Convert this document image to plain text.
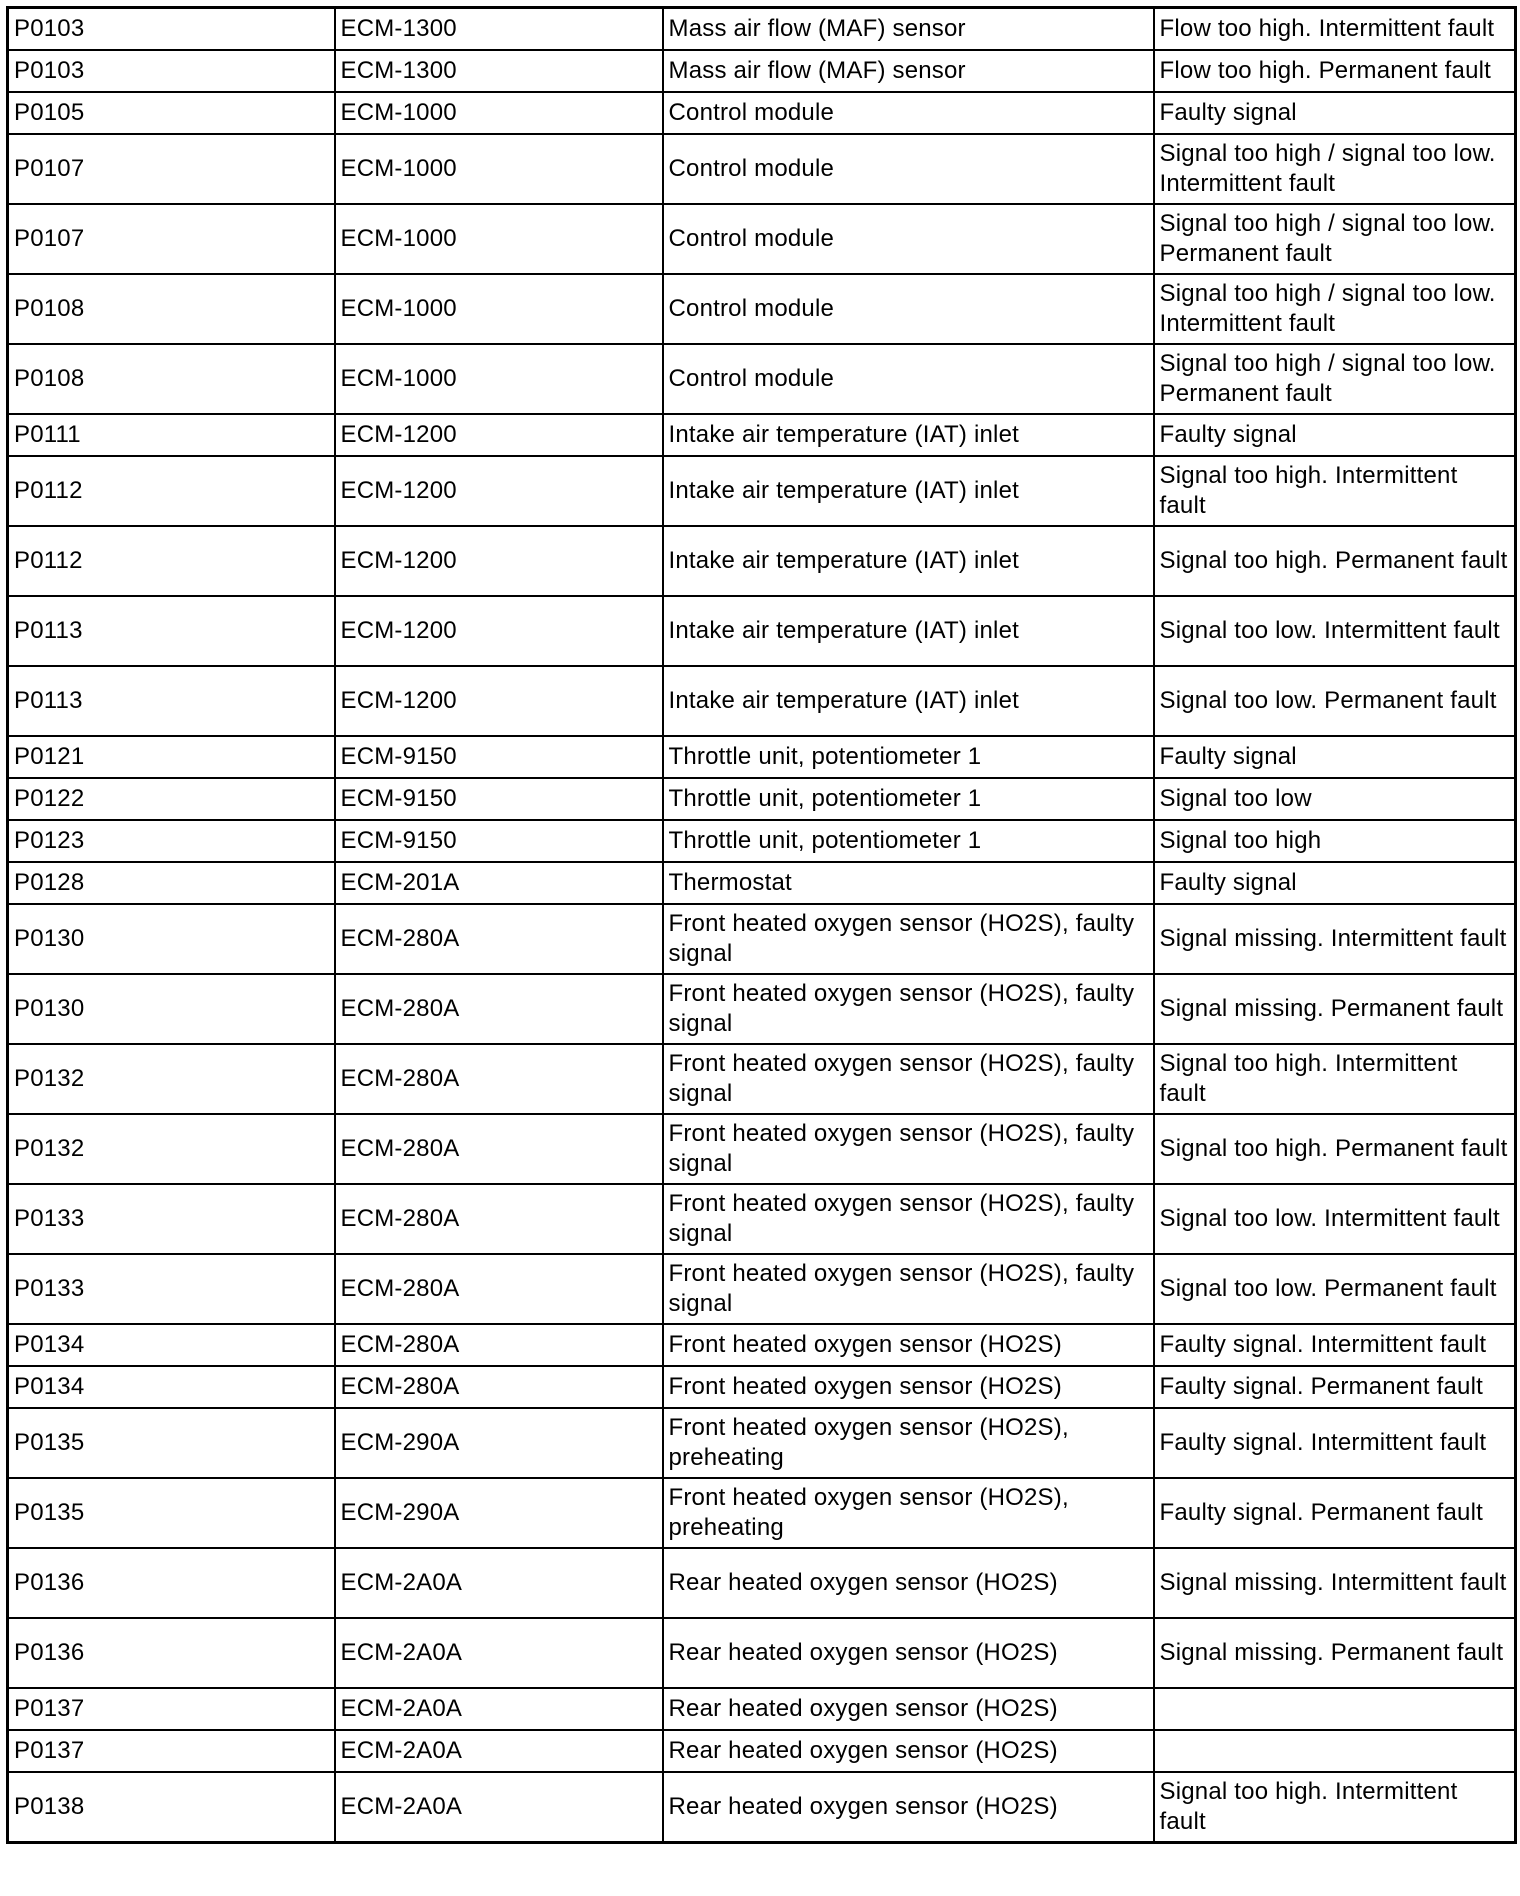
P0103	ECM-1300	Mass air flow (MAF) sensor	Flow too high. Intermittent fault
P0103	ECM-1300	Mass air flow (MAF) sensor	Flow too high. Permanent fault
P0105	ECM-1000	Control module	Faulty signal
P0107	ECM-1000	Control module	Signal too high / signal too low. Intermittent fault
P0107	ECM-1000	Control module	Signal too high / signal too low. Permanent fault
P0108	ECM-1000	Control module	Signal too high / signal too low. Intermittent fault
P0108	ECM-1000	Control module	Signal too high / signal too low. Permanent fault
P0111	ECM-1200	Intake air temperature (IAT) inlet	Faulty signal
P0112	ECM-1200	Intake air temperature (IAT) inlet	Signal too high. Intermittent fault
P0112	ECM-1200	Intake air temperature (IAT) inlet	Signal too high. Permanent fault
P0113	ECM-1200	Intake air temperature (IAT) inlet	Signal too low. Intermittent fault
P0113	ECM-1200	Intake air temperature (IAT) inlet	Signal too low. Permanent fault
P0121	ECM-9150	Throttle unit, potentiometer 1	Faulty signal
P0122	ECM-9150	Throttle unit, potentiometer 1	Signal too low
P0123	ECM-9150	Throttle unit, potentiometer 1	Signal too high
P0128	ECM-201A	Thermostat	Faulty signal
P0130	ECM-280A	Front heated oxygen sensor (HO2S), faulty signal	Signal missing. Intermittent fault
P0130	ECM-280A	Front heated oxygen sensor (HO2S), faulty signal	Signal missing. Permanent fault
P0132	ECM-280A	Front heated oxygen sensor (HO2S), faulty signal	Signal too high. Intermittent fault
P0132	ECM-280A	Front heated oxygen sensor (HO2S), faulty signal	Signal too high. Permanent fault
P0133	ECM-280A	Front heated oxygen sensor (HO2S), faulty signal	Signal too low. Intermittent fault
P0133	ECM-280A	Front heated oxygen sensor (HO2S), faulty signal	Signal too low. Permanent fault
P0134	ECM-280A	Front heated oxygen sensor (HO2S)	Faulty signal. Intermittent fault
P0134	ECM-280A	Front heated oxygen sensor (HO2S)	Faulty signal. Permanent fault
P0135	ECM-290A	Front heated oxygen sensor (HO2S), preheating	Faulty signal. Intermittent fault
P0135	ECM-290A	Front heated oxygen sensor (HO2S), preheating	Faulty signal. Permanent fault
P0136	ECM-2A0A	Rear heated oxygen sensor (HO2S)	Signal missing. Intermittent fault
P0136	ECM-2A0A	Rear heated oxygen sensor (HO2S)	Signal missing. Permanent fault
P0137	ECM-2A0A	Rear heated oxygen sensor (HO2S)	
P0137	ECM-2A0A	Rear heated oxygen sensor (HO2S)	
P0138	ECM-2A0A	Rear heated oxygen sensor (HO2S)	Signal too high. Intermittent fault
